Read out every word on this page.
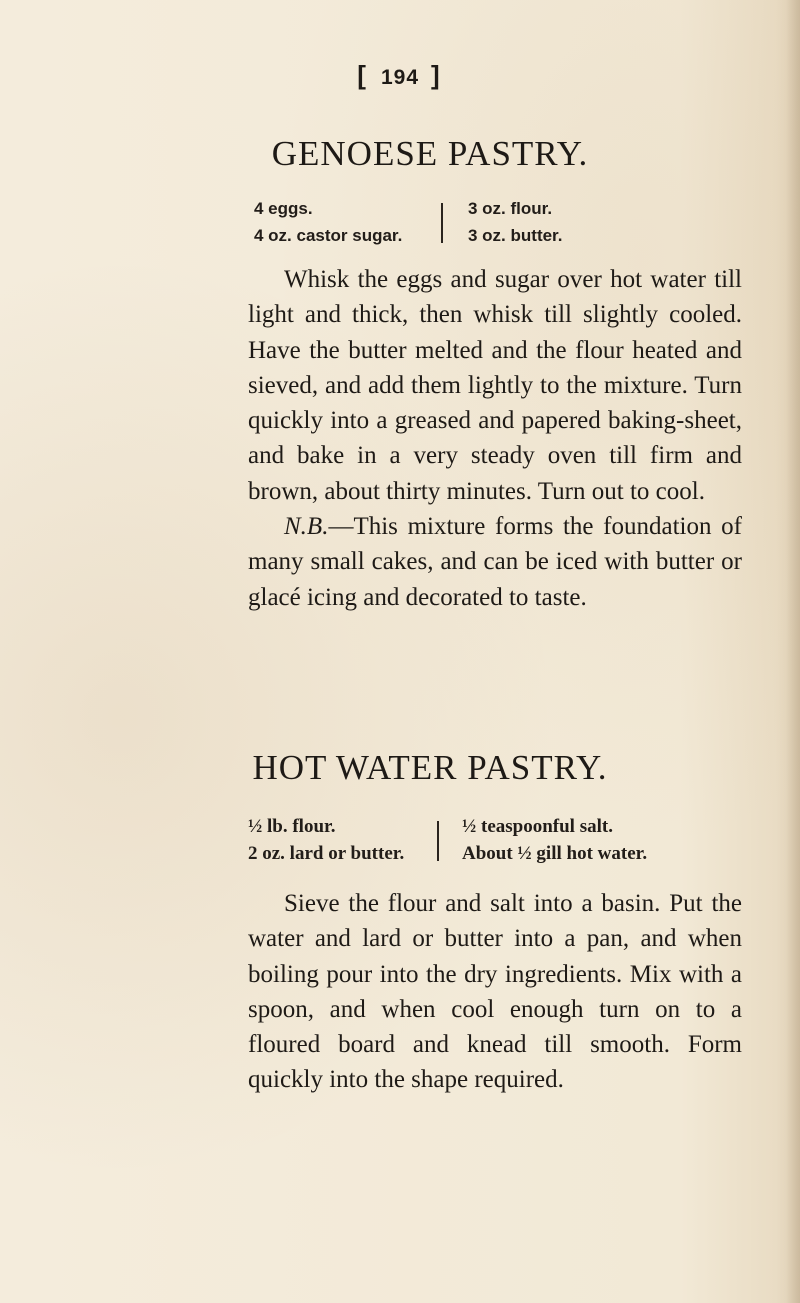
[ 194 ]
GENOESE PASTRY.
4 eggs.
4 oz. castor sugar.
3 oz. flour.
3 oz. butter.

Whisk the eggs and sugar over hot water till light and thick, then whisk till slightly cooled. Have the butter melted and the flour heated and sieved, and add them lightly to the mixture. Turn quickly into a greased and papered baking-sheet, and bake in a very steady oven till firm and brown, about thirty minutes. Turn out to cool.

N.B.—This mixture forms the foundation of many small cakes, and can be iced with butter or glacé icing and decorated to taste.

HOT WATER PASTRY.
½ lb. flour.
2 oz. lard or butter.
½ teaspoonful salt.
About ½ gill hot water.

Sieve the flour and salt into a basin. Put the water and lard or butter into a pan, and when boiling pour into the dry ingredients. Mix with a spoon, and when cool enough turn on to a floured board and knead till smooth. Form quickly into the shape required.
